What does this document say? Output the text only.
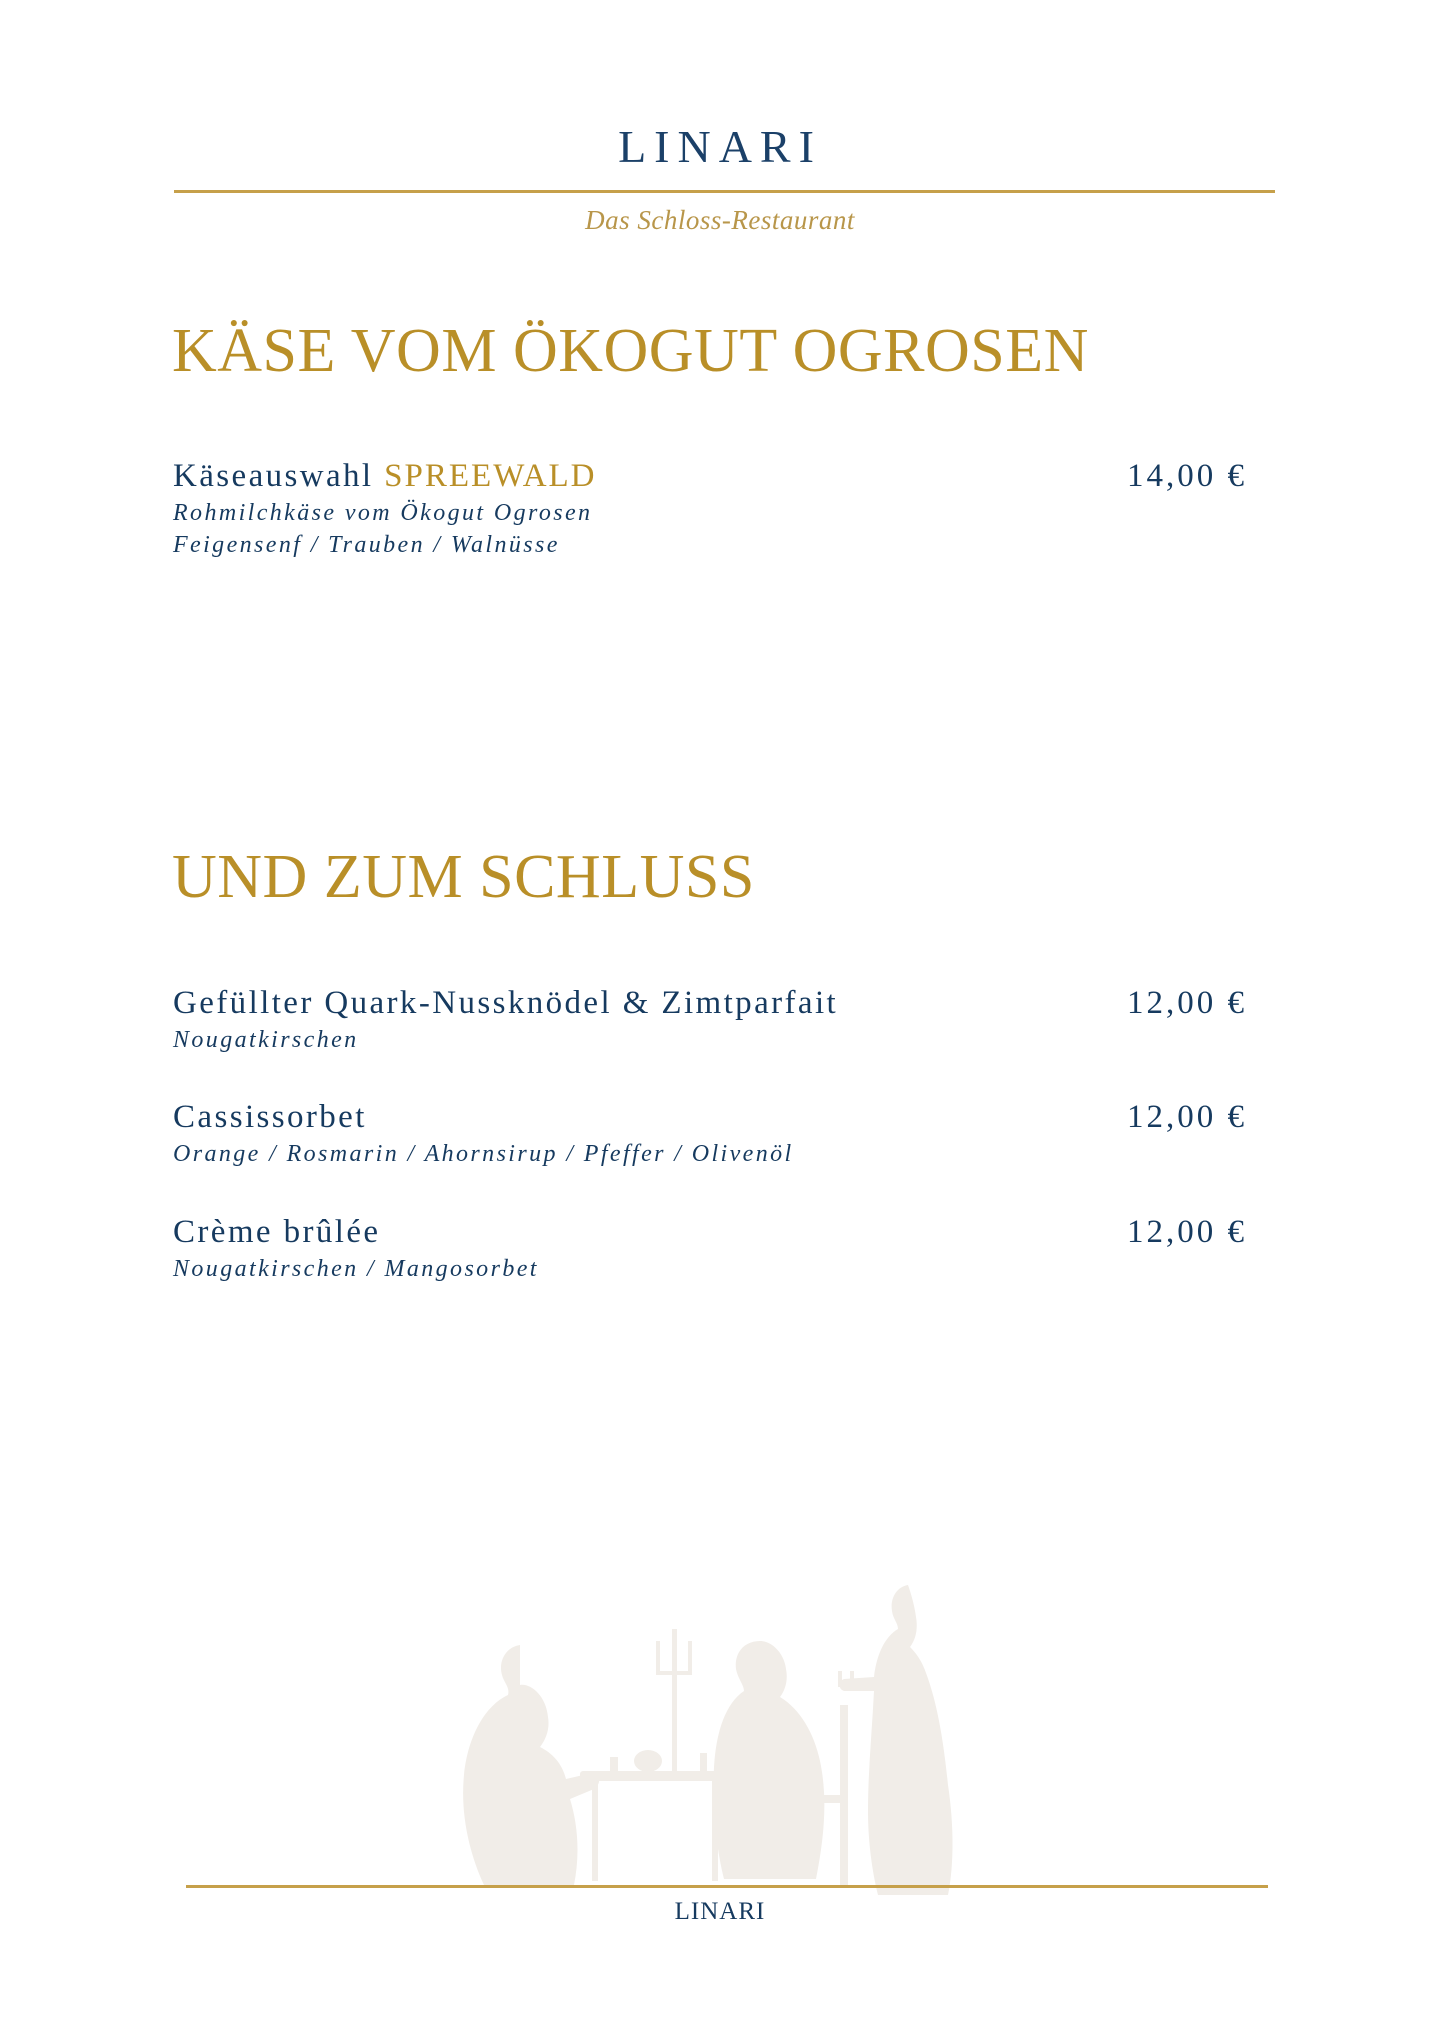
LINARI
Das Schloss-Restaurant
KÄSE VOM ÖKOGUT OGROSEN
Käseauswahl SPREEWALD	14,00 €
Rohmilchkäse vom Ökogut Ogrosen
Feigensenf / Trauben / Walnüsse
UND ZUM SCHLUSS
Gefüllter Quark-Nussknödel & Zimtparfait	12,00 €
Nougatkirschen
Cassissorbet	12,00 €
Orange / Rosmarin / Ahornsirup / Pfeffer / Olivenöl
Crème brûlée	12,00 €
Nougatkirschen / Mangosorbet
LINARI
